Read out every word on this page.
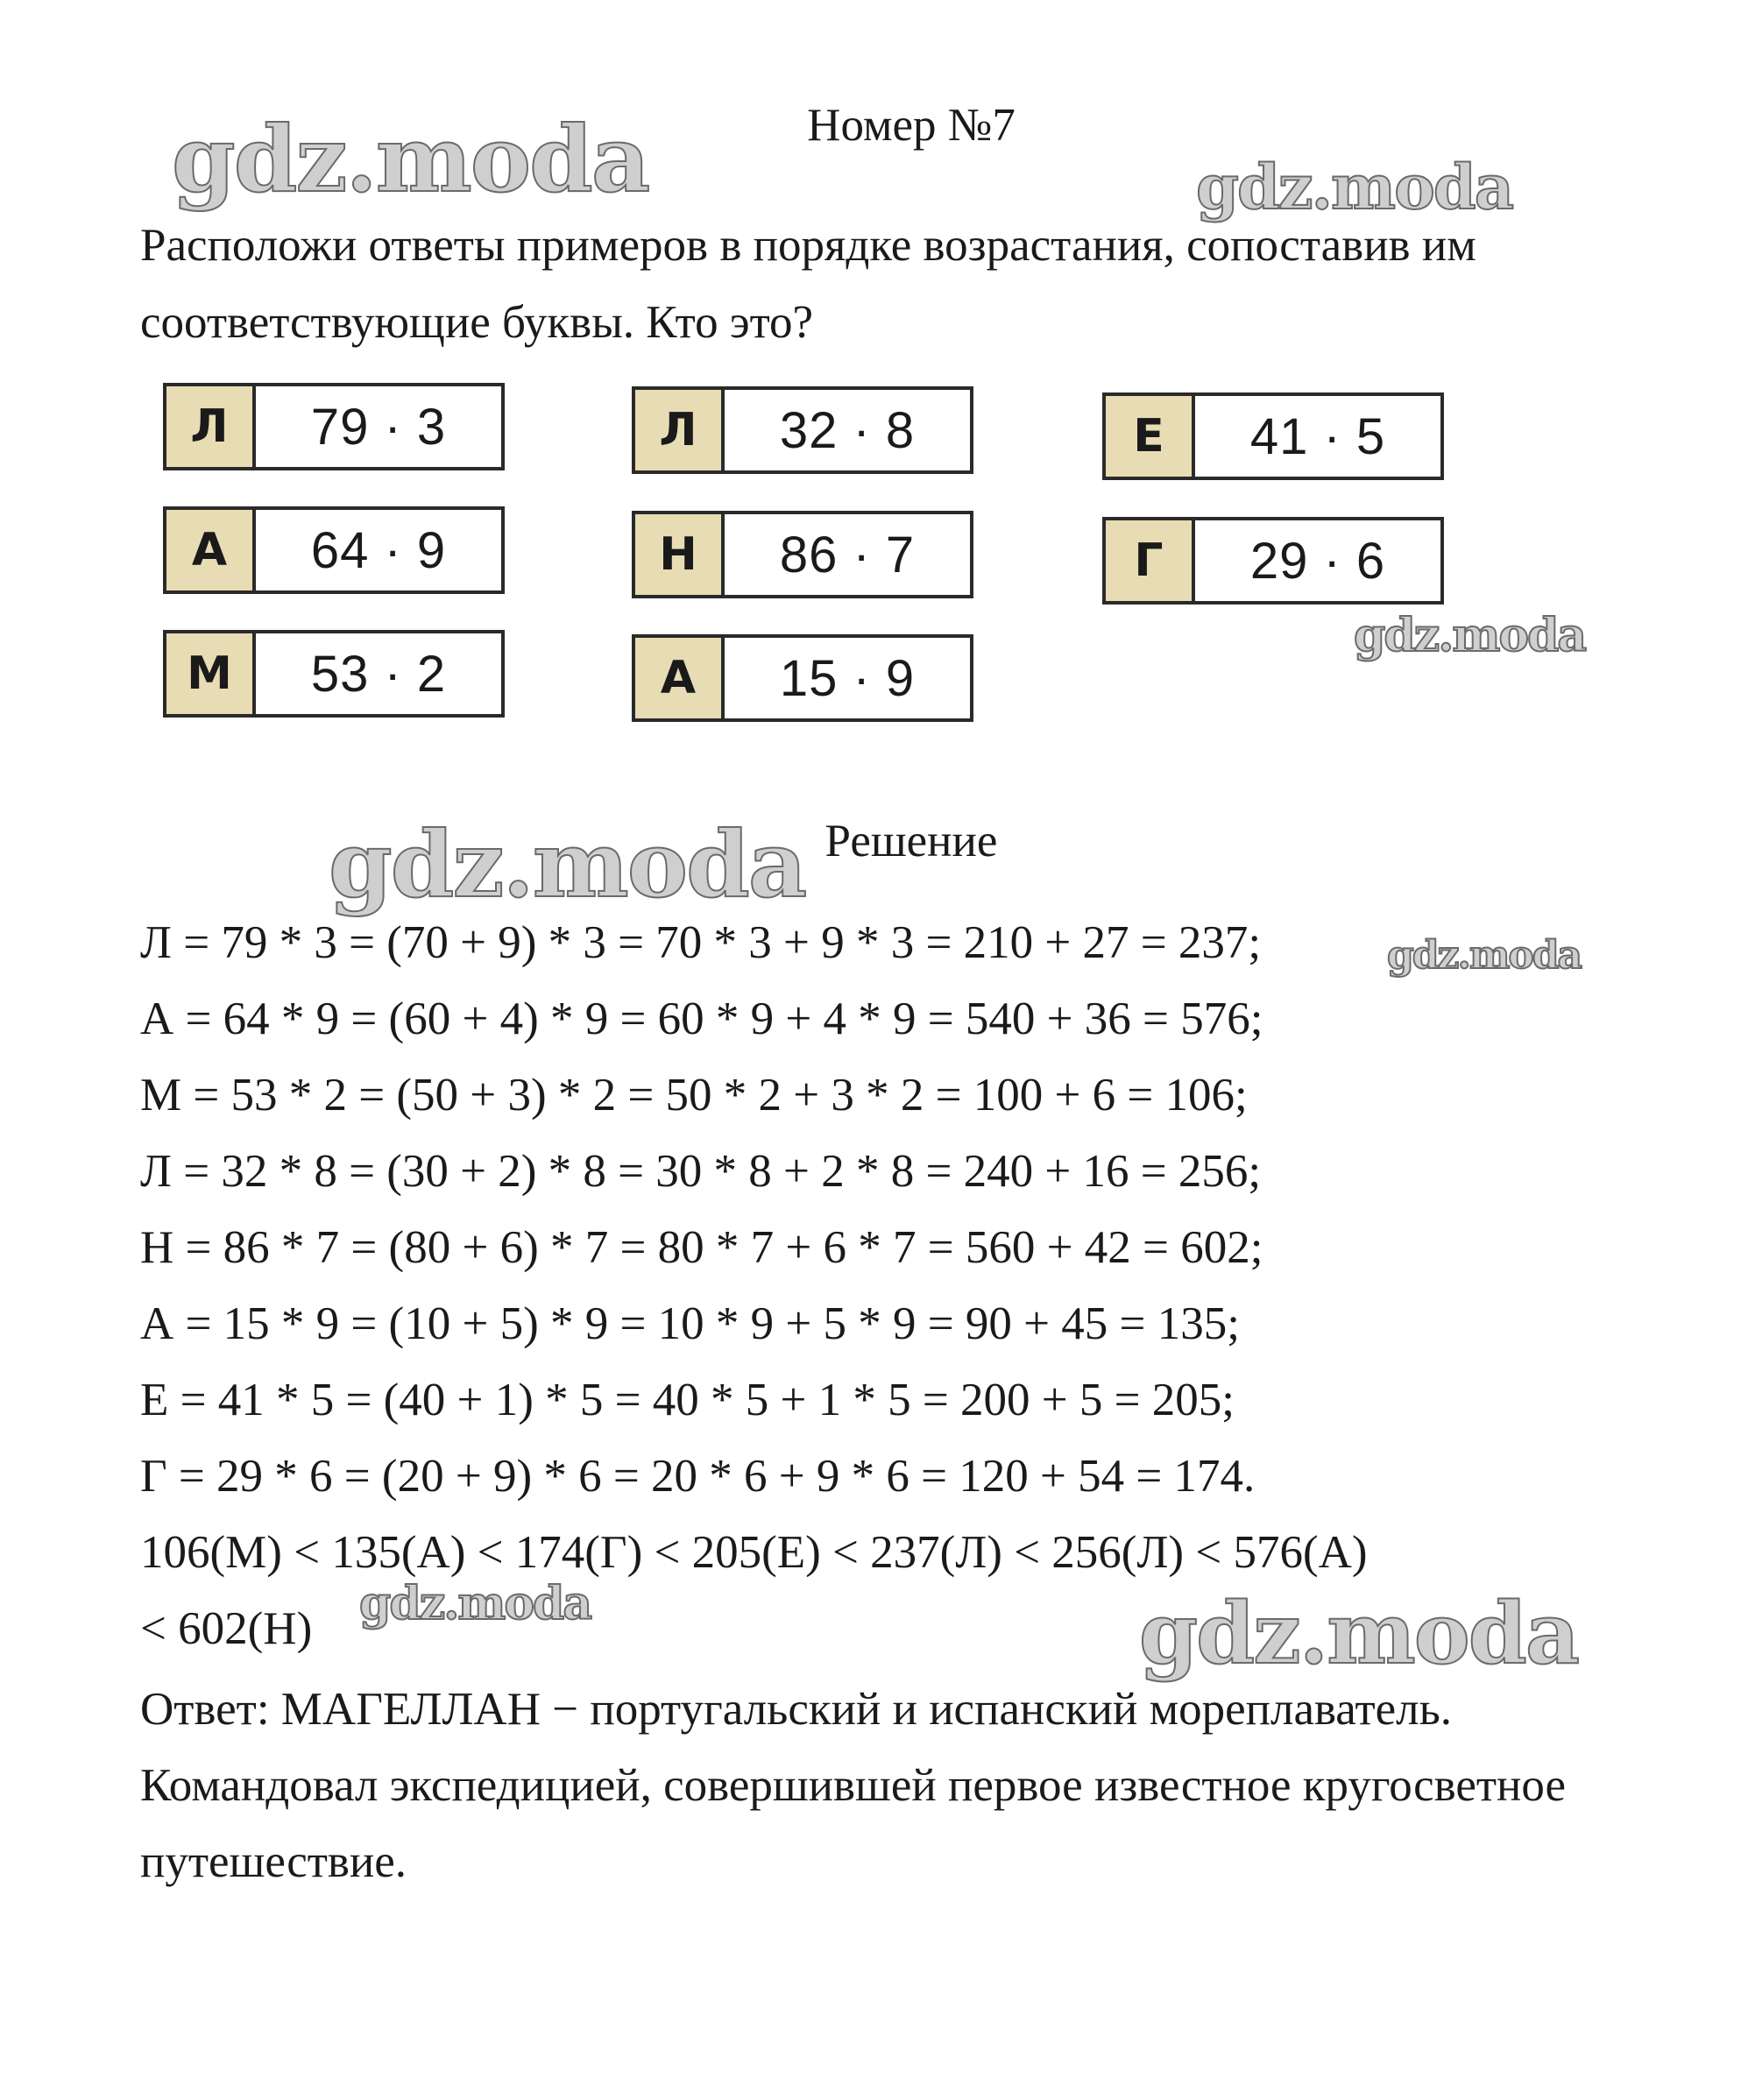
Номер №7
Расположи ответы примеров в порядке возрастания, сопоставив им соответствующие буквы. Кто это?
Л	79 · 3
А	64 · 9
М	53 · 2
Л	32 · 8
Н	86 · 7
А	15 · 9
Е	41 · 5
Г	29 · 6
Решение
Л = 79 * 3 = (70 + 9) * 3 = 70 * 3 + 9 * 3 = 210 + 27 = 237;
А = 64 * 9 = (60 + 4) * 9 = 60 * 9 + 4 * 9 = 540 + 36 = 576;
М = 53 * 2 = (50 + 3) * 2 = 50 * 2 + 3 * 2 = 100 + 6 = 106;
Л = 32 * 8 = (30 + 2) * 8 = 30 * 8 + 2 * 8 = 240 + 16 = 256;
Н = 86 * 7 = (80 + 6) * 7 = 80 * 7 + 6 * 7 = 560 + 42 = 602;
А = 15 * 9 = (10 + 5) * 9 = 10 * 9 + 5 * 9 = 90 + 45 = 135;
Е = 41 * 5 = (40 + 1) * 5 = 40 * 5 + 1 * 5 = 200 + 5 = 205;
Г = 29 * 6 = (20 + 9) * 6 = 20 * 6 + 9 * 6 = 120 + 54 = 174.
106(М) < 135(А) < 174(Г) < 205(Е) < 237(Л) < 256(Л) < 576(А)
< 602(Н)
Ответ: МАГЕЛЛАН − португальский и испанский мореплаватель. Командовал экспедицией, совершившей первое известное кругосветное путешествие.
gdz.moda	gdz.moda
gdz.moda
gdz.moda
gdz.moda
gdz.moda	gdz.moda
